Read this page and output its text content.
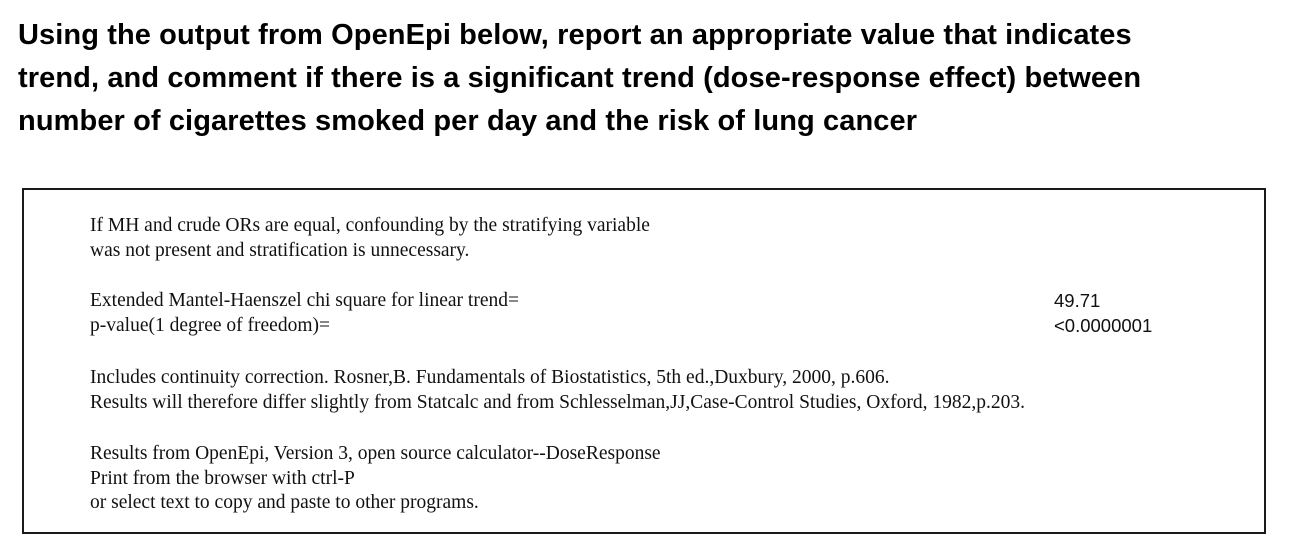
Using the output from OpenEpi below, report an appropriate value that indicates
trend, and comment if there is a significant trend (dose-response effect) between
number of cigarettes smoked per day and the risk of lung cancer
If MH and crude ORs are equal, confounding by the stratifying variable
was not present and stratification is unnecessary.
Extended Mantel-Haenszel chi square for linear trend=
p-value(1 degree of freedom)=
49.71
<0.0000001
Includes continuity correction. Rosner,B. Fundamentals of Biostatistics, 5th ed.,Duxbury, 2000, p.606.
Results will therefore differ slightly from Statcalc and from Schlesselman,JJ,Case-Control Studies, Oxford, 1982,p.203.
Results from OpenEpi, Version 3, open source calculator--DoseResponse
Print from the browser with ctrl-P
or select text to copy and paste to other programs.
